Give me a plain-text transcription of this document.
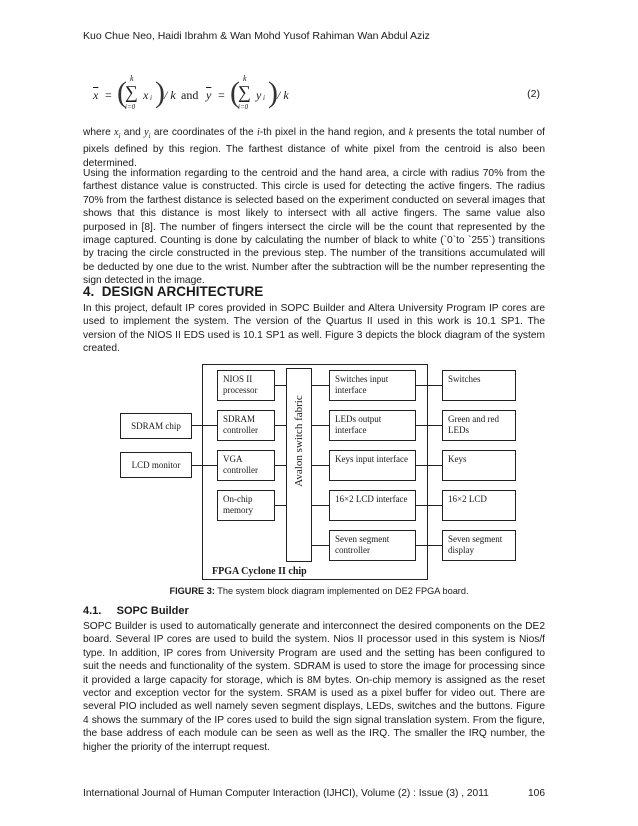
Kuo Chue Neo, Haidi Ibrahm & Wan Mohd Yusof Rahiman Wan Abdul Aziz
$\overline{x}$ = ( k
∑
i=0
x i ) / k and $\overline{y}$ = ( k
∑
i=0
y i ) / k	(2)
where $x_i$ and $y_i$ are coordinates of the i-th pixel in the hand region, and k presents the total number of pixels defined by this region. The farthest distance of white pixel from the centroid is also been determined.
Using the information regarding to the centroid and the hand area, a circle with radius 70% from the farthest distance value is constructed. This circle is used for detecting the active fingers. The radius 70% from the farthest distance is selected based on the experiment conducted on several images that shows that this distance is most likely to intersect with all active fingers. The same value also purposed in [8]. The number of fingers intersect the circle will be the count that represented by the image captured. Counting is done by calculating the number of black to white (`0`to `255`) transitions by tracing the circle constructed in the previous step. The number of the transitions accumulated will be deducted by one due to the wrist. Number after the subtraction will be the number representing the sign detected in the image.
4. DESIGN ARCHITECTURE
In this project, default IP cores provided in SOPC Builder and Altera University Program IP cores are used to implement the system. The version of the Quartus II used in this work is 10.1 SP1. The version of the NIOS II EDS used is 10.1 SP1 as well. Figure 3 depicts the block diagram of the system created.
FPGA Cyclone II chip
Avalon switch fabric
NIOS II processor
SDRAM controller
VGA controller
On-chip memory
Switches input interface
LEDs output interface
Keys input interface
16×2 LCD interface
Seven segment controller
SDRAM chip
LCD monitor
Switches
Green and red LEDs
Keys
16×2 LCD
Seven segment display
FIGURE 3: The system block diagram implemented on DE2 FPGA board.
4.1. SOPC Builder
SOPC Builder is used to automatically generate and interconnect the desired components on the DE2 board. Several IP cores are used to build the system. Nios II processor used in this system is Nios/f type. In addition, IP cores from University Program are used and the setting has been configured to suit the needs and functionality of the system. SDRAM is used to store the image for processing since it provided a large capacity for storage, which is 8M bytes. On-chip memory is assigned as the reset vector and exception vector for the system. SRAM is used as a pixel buffer for video out. There are several PIO included as well namely seven segment displays, LEDs, switches and the buttons. Figure 4 shows the summary of the IP cores used to build the sign signal translation system. From the figure, the base address of each module can be seen as well as the IRQ. The smaller the IRQ number, the higher the priority of the interrupt request.
International Journal of Human Computer Interaction (IJHCI), Volume (2) : Issue (3) , 2011	106
